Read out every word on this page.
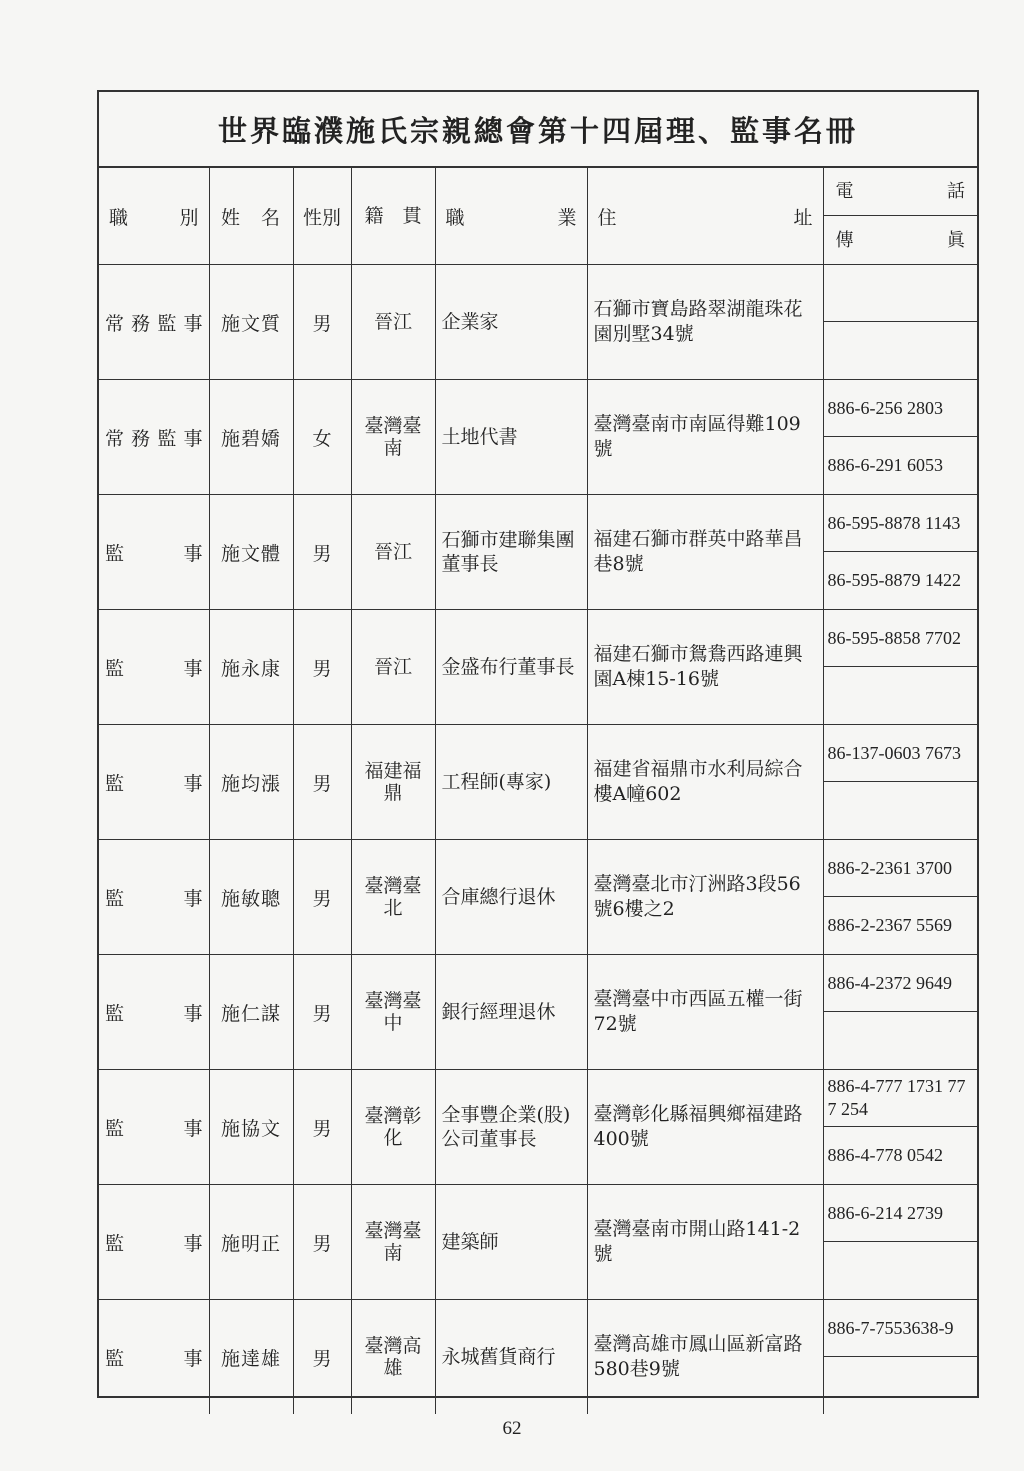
世界臨濮施氏宗親總會第十四屆理、監事名冊
職　別	姓　名	性別	籍　貫	職　　　業	住　　　　　址	電 話
傳 眞

常務監事	施文質	男	晉江	企業家	石獅市寶島路翠湖龍珠花園別墅34號	

常務監事	施碧嬌	女	臺灣臺南	土地代書	臺灣臺南市南區得難109號	886-6-256 2803
886-6-291 6053

監事	施文體	男	晉江	石獅市建聯集團董事長	福建石獅市群英中路華昌巷8號	86-595-8878 1143
86-595-8879 1422

監事	施永康	男	晉江	金盛布行董事長	福建石獅市鴛鴦西路連興園A棟15-16號	86-595-8858 7702

監事	施均漲	男	福建福鼎	工程師(專家)	福建省福鼎市水利局綜合樓A幢602	86-137-0603 7673

監事	施敏聰	男	臺灣臺北	合庫總行退休	臺灣臺北市汀洲路3段56號6樓之2	886-2-2361 3700
886-2-2367 5569

監事	施仁謀	男	臺灣臺中	銀行經理退休	臺灣臺中市西區五權一街72號	886-4-2372 9649

監事	施協文	男	臺灣彰化	全事豐企業(股)公司董事長	臺灣彰化縣福興鄉福建路400號	886-4-777 1731 777 254
886-4-778 0542

監事	施明正	男	臺灣臺南	建築師	臺灣臺南市開山路141-2號	886-6-214 2739

監事	施達雄	男	臺灣高雄	永城舊貨商行	臺灣高雄市鳳山區新富路580巷9號	886-7-7553638-9
62
